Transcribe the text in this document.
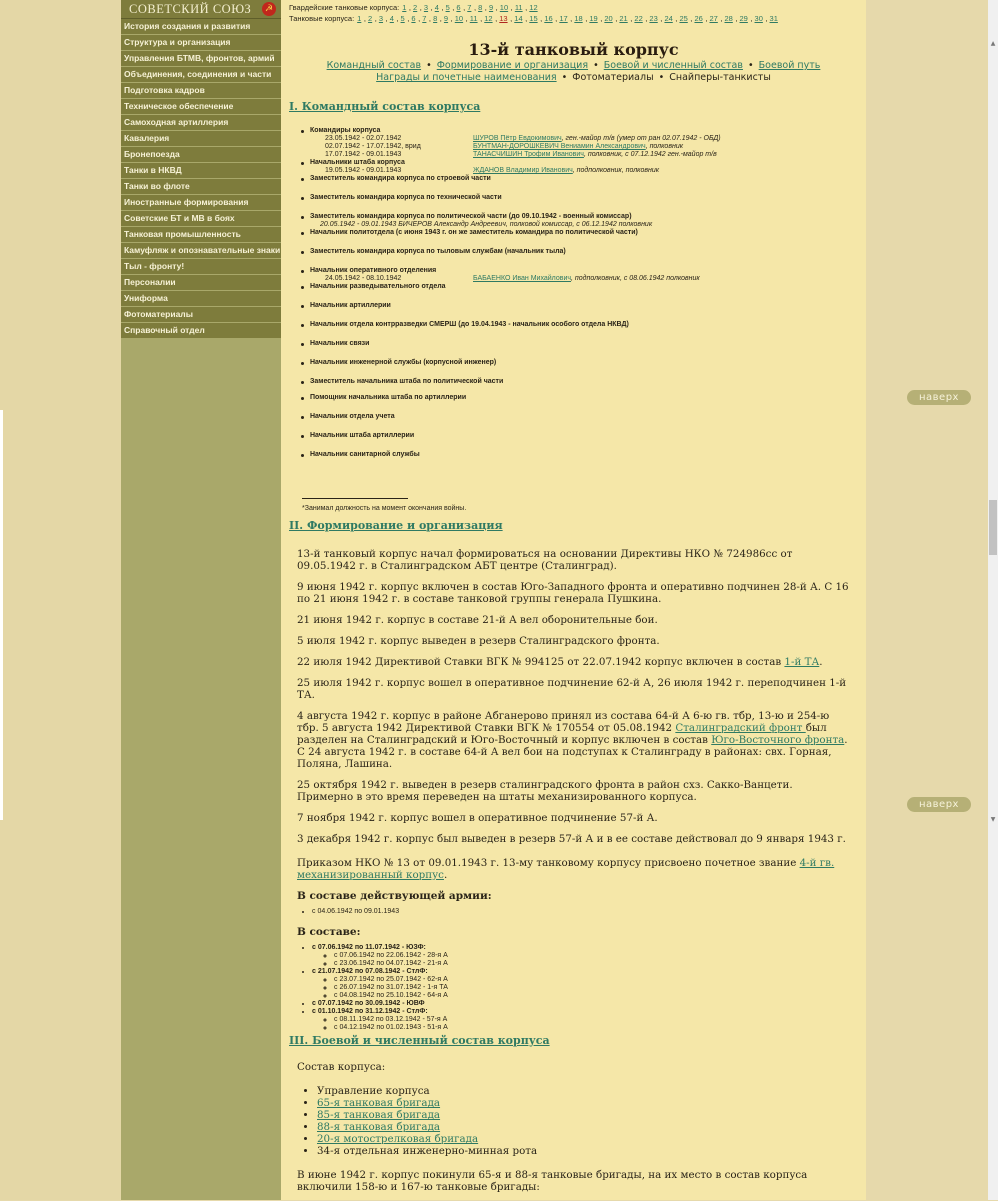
СОВЕТСКИЙ СОЮЗ	☭
История создания и развития
Структура и организация
Управления БТМВ, фронтов, армий
Объединения, соединения и части
Подготовка кадров
Техническое обеспечение
Самоходная артиллерия
Кавалерия
Бронепоезда
Танки в НКВД
Танки во флоте
Иностранные формирования
Советские БТ и МВ в боях
Танковая промышленность
Камуфляж и опознавательные знаки
Тыл - фронту!
Персоналии
Униформа
Фотоматериалы
Справочный отдел
▲
▼
наверх
наверх
Гвардейские танковые корпуса: 1 , 2 , 3 , 4 , 5 , 6 , 7 , 8 , 9 , 10 , 11 , 12
Танковые корпуса: 1 , 2 , 3 , 4 , 5 , 6 , 7 , 8 , 9 , 10 , 11 , 12 , 13 , 14 , 15 , 16 , 17 , 18 , 19 , 20 , 21 , 22 , 23 , 24 , 25 , 26 , 27 , 28 , 29 , 30 , 31
13-й танковый корпус
Командный состав • Формирование и организация • Боевой и численный состав • Боевой путь
Награды и почетные наименования • Фотоматериалы • Снайперы-танкисты
I. Командный состав корпуса
Командиры корпуса
23.05.1942 - 02.07.1942	ШУРОВ Пётр Евдокимович, ген.-майор т/в (умер от ран 02.07.1942 - ОБД)
02.07.1942 - 17.07.1942, врид	БУНТМАН-ДОРОШКЕВИЧ Вениамин Александрович, полковник
17.07.1942 - 09.01.1943	ТАНАСЧИШИН Трофим Иванович, полковник, с 07.12.1942 ген.-майор т/в
Начальники штаба корпуса
19.05.1942 - 09.01.1943	ЖДАНОВ Владимир Иванович, подполковник, полковник
Заместитель командира корпуса по строевой части
Заместитель командира корпуса по технической части
Заместитель командира корпуса по политической части (до 09.10.1942 - военный комиссар)
20.05.1942 - 09.01.1943 БИЧЕРОВ Александр Андреевич, полковой комиссар, с 06.12.1942 полковник
Начальник политотдела (с июня 1943 г. он же заместитель командира по политической части)
Заместитель командира корпуса по тыловым службам (начальник тыла)
Начальник оперативного отделения
24.05.1942 - 08.10.1942	БАБАЕНКО Иван Михайлович, подполковник, с 08.06.1942 полковник
Начальник разведывательного отдела
Начальник артиллерии
Начальник отдела контрразведки СМЕРШ (до 19.04.1943 - начальник особого отдела НКВД)
Начальник связи
Начальник инженерной службы (корпусной инженер)
Заместитель начальника штаба по политической части
Помощник начальника штаба по артиллерии
Начальник отдела учета
Начальник штаба артиллерии
Начальник санитарной службы
*Занимал должность на момент окончания войны.
II. Формирование и организация

13-й танковый корпус начал формироваться на основании Директивы НКО № 724986сс от 09.05.1942 г. в Сталинградском АБТ центре (Сталинград).

9 июня 1942 г. корпус включен в состав Юго-Западного фронта и оперативно подчинен 28-й А. С 16 по 21 июня 1942 г. в составе танковой группы генерала Пушкина.

21 июня 1942 г. корпус в составе 21-й А вел оборонительные бои.

5 июля 1942 г. корпус выведен в резерв Сталинградского фронта.

22 июля 1942 Директивой Ставки ВГК № 994125 от 22.07.1942 корпус включен в состав 1-й ТА.

25 июля 1942 г. корпус вошел в оперативное подчинение 62-й А, 26 июля 1942 г. переподчинен 1-й ТА.

4 августа 1942 г. корпус в районе Абганерово принял из состава 64-й А 6-ю гв. тбр, 13-ю и 254-ю тбр. 5 августа 1942 Директивой Ставки ВГК № 170554 от 05.08.1942 Сталинградский фронт был разделен на Сталинградский и Юго-Восточный и корпус включен в состав Юго-Восточного фронта. С 24 августа 1942 г. в составе 64-й А вел бои на подступах к Сталинграду в районах: свх. Горная, Поляна, Лашина.

25 октября 1942 г. выведен в резерв сталинградского фронта в район схз. Сакко-Ванцети. Примерно в это время переведен на штаты механизированного корпуса.

7 ноября 1942 г. корпус вошел в оперативное подчинение 57-й А.

3 декабря 1942 г. корпус был выведен в резерв 57-й А и в ее составе действовал до 9 января 1943 г.

Приказом НКО № 13 от 09.01.1943 г. 13-му танковому корпусу присвоено почетное звание 4-й гв. механизированный корпус.

В составе действующей армии:
• с 04.06.1942 по 09.01.1943
В составе:
• с 07.06.1942 по 11.07.1942 - ЮЗФ:
◦ с 07.06.1942 по 22.06.1942 - 28-я А
◦ с 23.06.1942 по 04.07.1942 - 21-я А
• с 21.07.1942 по 07.08.1942 - СтлФ:
◦ с 23.07.1942 по 25.07.1942 - 62-я А
◦ с 26.07.1942 по 31.07.1942 - 1-я ТА
◦ с 04.08.1942 по 25.10.1942 - 64-я А
• с 07.07.1942 по 30.09.1942 - ЮВФ
• с 01.10.1942 по 31.12.1942 - СтлФ:
◦ с 08.11.1942 по 03.12.1942 - 57-я А
◦ с 04.12.1942 по 01.02.1943 - 51-я А
III. Боевой и численный состав корпуса

Состав корпуса:

• Управление корпуса
• 65-я танковая бригада
• 85-я танковая бригада
• 88-я танковая бригада
• 20-я мотострелковая бригада
• 34-я отдельная инженерно-минная рота

В июне 1942 г. корпус покинули 65-я и 88-я танковые бригады, на их место в состав корпуса включили 158-ю и 167-ю танковые бригады:
